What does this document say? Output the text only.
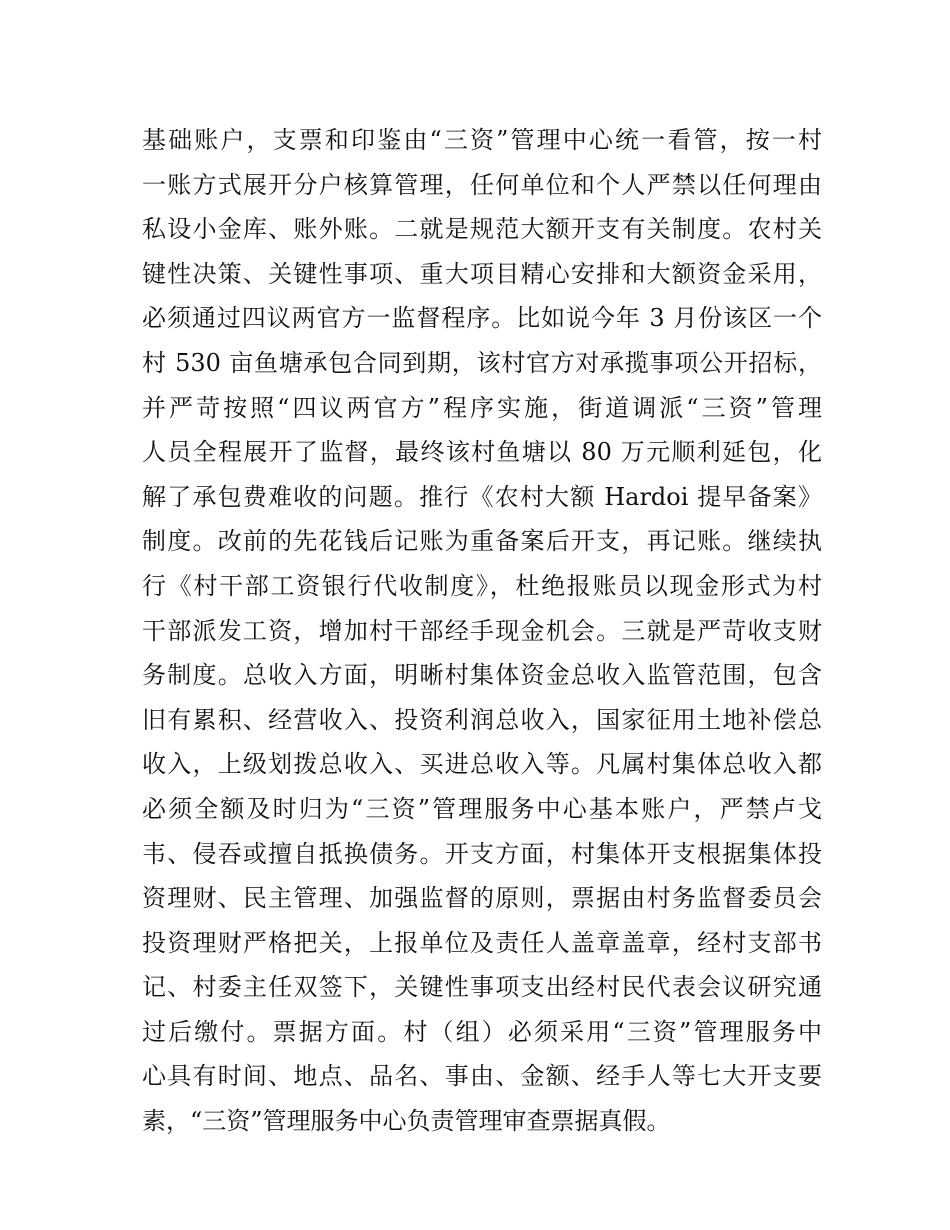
基础账户，支票和印鉴由“三资”管理中心统一看管，按一村
一账方式展开分户核算管理，任何单位和个人严禁以任何理由
私设小金库、账外账。二就是规范大额开支有关制度。农村关
键性决策、关键性事项、重大项目精心安排和大额资金采用，
必须通过四议两官方一监督程序。比如说今年 3 月份该区一个
村 530 亩鱼塘承包合同到期，该村官方对承揽事项公开招标，
并严苛按照“四议两官方”程序实施，街道调派“三资”管理
人员全程展开了监督，最终该村鱼塘以 80 万元顺利延包，化
解了承包费难收的问题。推行《农村大额 Hardoi 提早备案》
制度。改前的先花钱后记账为重备案后开支，再记账。继续执
行《村干部工资银行代收制度》，杜绝报账员以现金形式为村
干部派发工资，增加村干部经手现金机会。三就是严苛收支财
务制度。总收入方面，明晰村集体资金总收入监管范围，包含
旧有累积、经营收入、投资利润总收入，国家征用土地补偿总
收入，上级划拨总收入、买进总收入等。凡属村集体总收入都
必须全额及时归为“三资”管理服务中心基本账户，严禁卢戈
韦、侵吞或擅自抵换债务。开支方面，村集体开支根据集体投
资理财、民主管理、加强监督的原则，票据由村务监督委员会
投资理财严格把关，上报单位及责任人盖章盖章，经村支部书
记、村委主任双签下，关键性事项支出经村民代表会议研究通
过后缴付。票据方面。村（组）必须采用“三资”管理服务中
心具有时间、地点、品名、事由、金额、经手人等七大开支要
素，“三资”管理服务中心负责管理审查票据真假。
